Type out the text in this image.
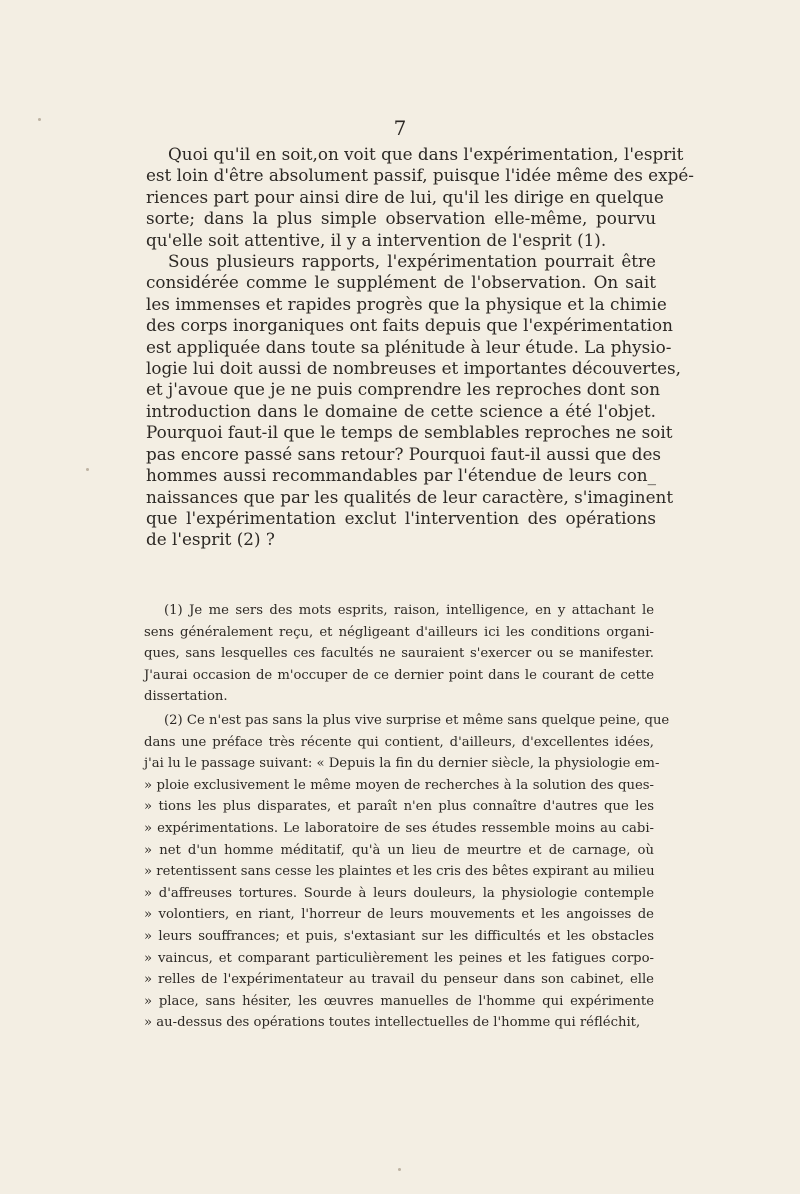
7
Quoi qu'il en soit,on voit que dans l'expérimentation, l'esprit
est loin d'être absolument passif, puisque l'idée même des expé-
riences part pour ainsi dire de lui, qu'il les dirige en quelque
sorte; dans la plus simple observation elle-même, pourvu
qu'elle soit attentive, il y a intervention de l'esprit (1).
Sous plusieurs rapports, l'expérimentation pourrait être
considérée comme le supplément de l'observation. On sait
les immenses et rapides progrès que la physique et la chimie
des corps inorganiques ont faits depuis que l'expérimentation
est appliquée dans toute sa plénitude à leur étude. La physio-
logie lui doit aussi de nombreuses et importantes découvertes,
et j'avoue que je ne puis comprendre les reproches dont son
introduction dans le domaine de cette science a été l'objet.
Pourquoi faut-il que le temps de semblables reproches ne soit
pas encore passé sans retour? Pourquoi faut-il aussi que des
hommes aussi recommandables par l'étendue de leurs con_
naissances que par les qualités de leur caractère, s'imaginent
que l'expérimentation exclut l'intervention des opérations
de l'esprit (2) ?
(1) Je me sers des mots esprits, raison, intelligence, en y attachant le
sens généralement reçu, et négligeant d'ailleurs ici les conditions organi-
ques, sans lesquelles ces facultés ne sauraient s'exercer ou se manifester.
J'aurai occasion de m'occuper de ce dernier point dans le courant de cette
dissertation.
(2) Ce n'est pas sans la plus vive surprise et même sans quelque peine, que
dans une préface très récente qui contient, d'ailleurs, d'excellentes idées,
j'ai lu le passage suivant: « Depuis la fin du dernier siècle, la physiologie em-
» ploie exclusivement le même moyen de recherches à la solution des ques-
» tions les plus disparates, et paraît n'en plus connaître d'autres que les
» expérimentations. Le laboratoire de ses études ressemble moins au cabi-
» net d'un homme méditatif, qu'à un lieu de meurtre et de carnage, où
» retentissent sans cesse les plaintes et les cris des bêtes expirant au milieu
» d'affreuses tortures. Sourde à leurs douleurs, la physiologie contemple
» volontiers, en riant, l'horreur de leurs mouvements et les angoisses de
» leurs souffrances; et puis, s'extasiant sur les difficultés et les obstacles
» vaincus, et comparant particulièrement les peines et les fatigues corpo-
» relles de l'expérimentateur au travail du penseur dans son cabinet, elle
» place, sans hésiter, les œuvres manuelles de l'homme qui expérimente
» au-dessus des opérations toutes intellectuelles de l'homme qui réfléchit,
